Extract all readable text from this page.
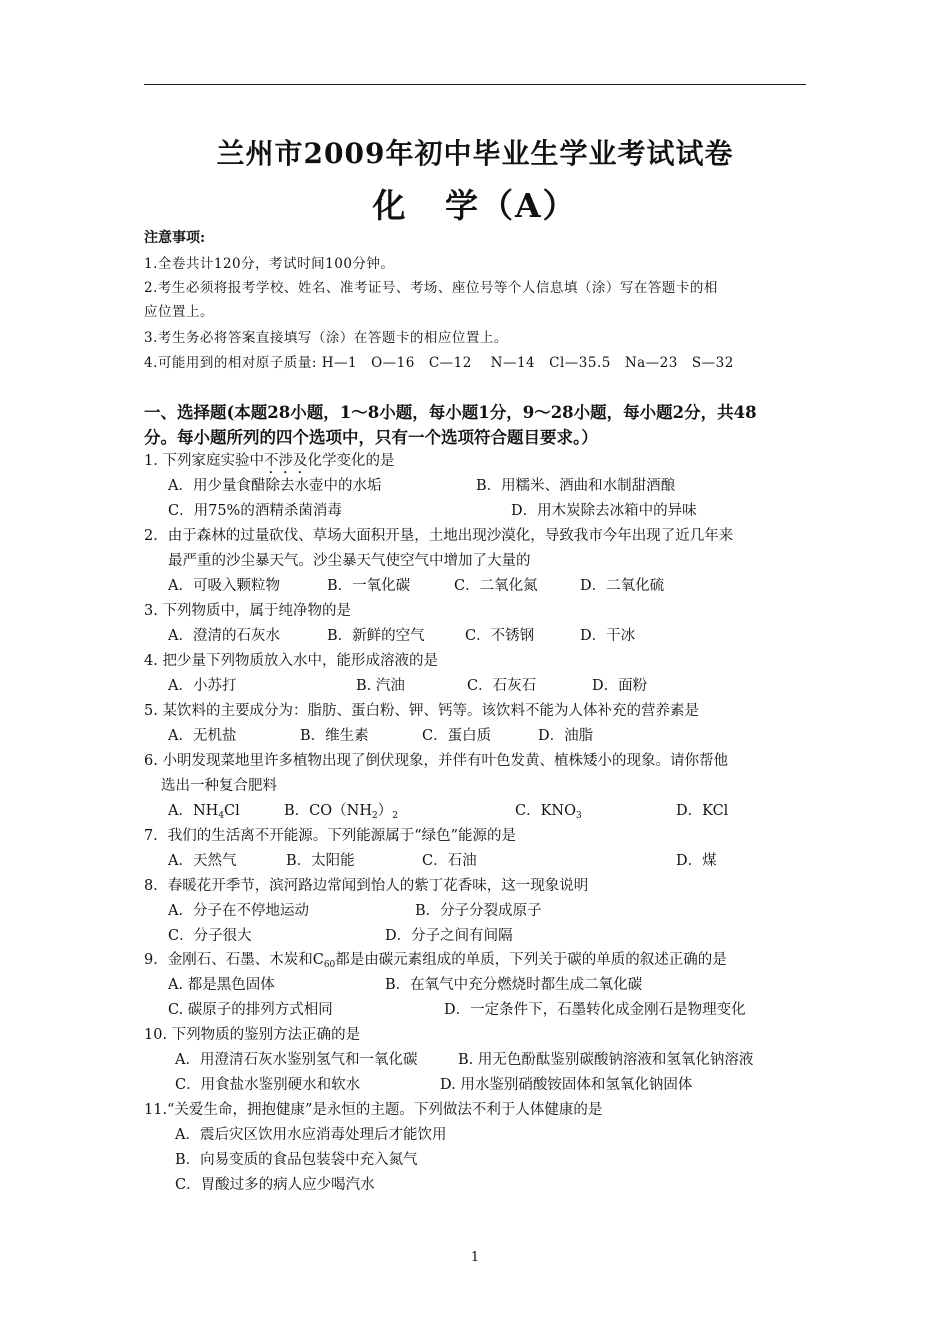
兰州市2009年初中毕业生学业考试试卷
化 学（A）
注意事项:
1.全卷共计120分，考试时间100分钟。
2.考生必须将报考学校、姓名、准考证号、考场、座位号等个人信息填（涂）写在答题卡的相
应位置上。
3.考生务必将答案直接填写（涂）在答题卡的相应位置上。
4.可能用到的相对原子质量: H—1　O—16　C—12　 N—14　Cl—35.5　Na—23　S—32
一、选择题(本题28小题，1～8小题，每小题1分，9～28小题，每小题2分，共48
分。每小题所列的四个选项中，只有一个选项符合题目要求。）
1. 下列家庭实验中不涉及化学变化的是
A．用少量食醋除去水壶中的水垢	B．用糯米、酒曲和水制甜酒酿
C．用75%的酒精杀菌消毒	D．用木炭除去冰箱中的异味
2．由于森林的过量砍伐、草场大面积开垦，土地出现沙漠化，导致我市今年出现了近几年来
最严重的沙尘暴天气。沙尘暴天气使空气中增加了大量的
A．可吸入颗粒物	B．一氧化碳	C．二氧化氮	D．二氧化硫
3. 下列物质中，属于纯净物的是
A．澄清的石灰水	B．新鲜的空气	C．不锈钢	D．干冰
4. 把少量下列物质放入水中，能形成溶液的是
A．小苏打	B. 汽油	C．石灰石	D．面粉
5. 某饮料的主要成分为：脂肪、蛋白粉、钾、钙等。该饮料不能为人体补充的营养素是
A．无机盐	B．维生素	C．蛋白质	D．油脂
6. 小明发现菜地里许多植物出现了倒伏现象，并伴有叶色发黄、植株矮小的现象。请你帮他
选出一种复合肥料
A．$NH_4Cl$	B．$CO(NH_2)_2$	C．$KNO_3$	D．KCl
7．我们的生活离不开能源。下列能源属于“绿色”能源的是
A．天然气	B．太阳能	C．石油	D．煤
8．春暖花开季节，滨河路边常闻到怡人的紫丁花香味，这一现象说明
A．分子在不停地运动	B．分子分裂成原子
C．分子很大	D．分子之间有间隔
9．金刚石、石墨、木炭和$C_{60}$都是由碳元素组成的单质，下列关于碳的单质的叙述正确的是
A. 都是黑色固体	B．在氧气中充分燃烧时都生成二氧化碳
C. 碳原子的排列方式相同	D．一定条件下，石墨转化成金刚石是物理变化
10. 下列物质的鉴别方法正确的是
A．用澄清石灰水鉴别氢气和一氧化碳	B. 用无色酚酞鉴别碳酸钠溶液和氢氧化钠溶液
C．用食盐水鉴别硬水和软水	D. 用水鉴别硝酸铵固体和氢氧化钠固体
11.“关爱生命，拥抱健康”是永恒的主题。下列做法不利于人体健康的是
A．震后灾区饮用水应消毒处理后才能饮用
B．向易变质的食品包装袋中充入氮气
C．胃酸过多的病人应少喝汽水
1
